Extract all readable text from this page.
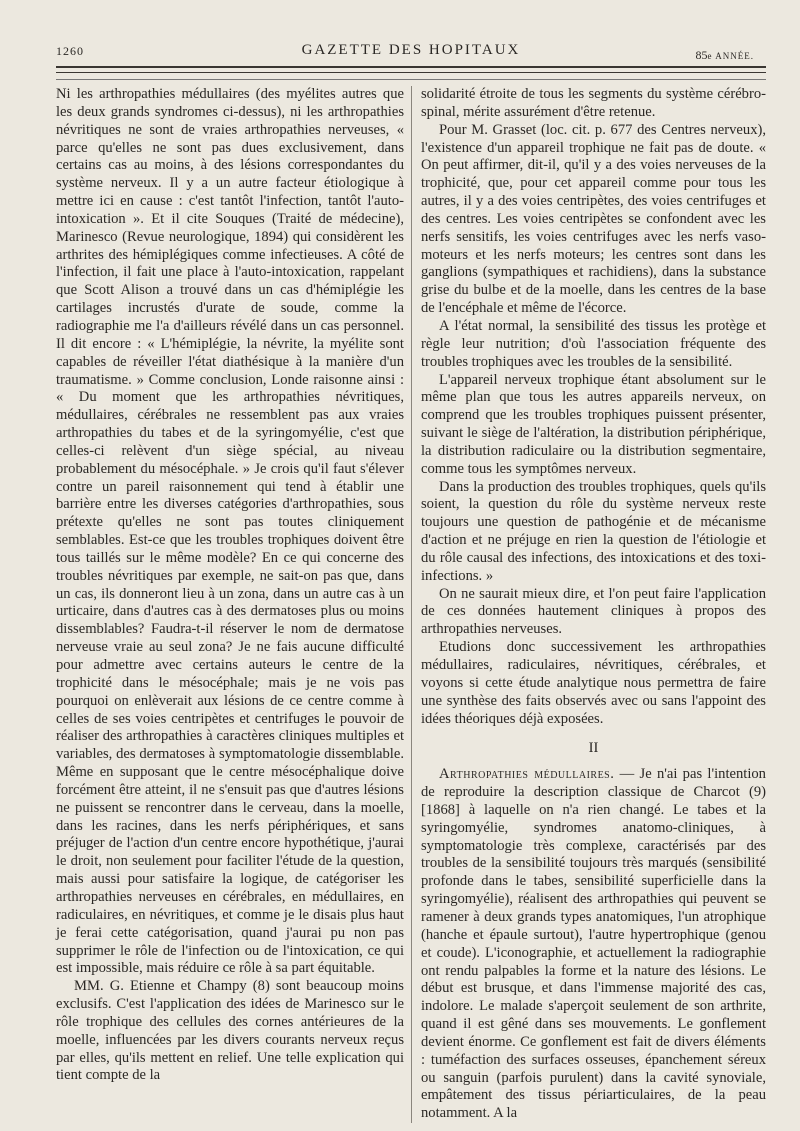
1260	GAZETTE DES HOPITAUX	85e ANNÉE.

Ni les arthropathies médullaires (des myélites autres que les deux grands syndromes ci-dessus), ni les arthropathies névritiques ne sont de vraies arthropathies nerveuses, « parce qu'elles ne sont pas dues exclusivement, dans certains cas au moins, à des lésions correspondantes du système nerveux. Il y a un autre facteur étiologique à mettre ici en cause : c'est tantôt l'infection, tantôt l'auto-intoxication ». Et il cite Souques (Traité de médecine), Marinesco (Revue neurologique, 1894) qui considèrent les arthrites des hémiplégiques comme infectieuses. A côté de l'infection, il fait une place à l'auto-intoxication, rappelant que Scott Alison a trouvé dans un cas d'hémiplégie les cartilages incrustés d'urate de soude, comme la radiographie me l'a d'ailleurs révélé dans un cas personnel. Il dit encore : « L'hémiplégie, la névrite, la myélite sont capables de réveiller l'état diathésique à la manière d'un traumatisme. » Comme conclusion, Londe raisonne ainsi : « Du moment que les arthropathies névritiques, médullaires, cérébrales ne ressemblent pas aux vraies arthropathies du tabes et de la syringomyélie, c'est que celles-ci relèvent d'un siège spécial, au niveau probablement du mésocéphale. » Je crois qu'il faut s'élever contre un pareil raisonnement qui tend à établir une barrière entre les diverses catégories d'arthropathies, sous prétexte qu'elles ne sont pas toutes cliniquement semblables. Est-ce que les troubles trophiques doivent être tous taillés sur le même modèle? En ce qui concerne des troubles névritiques par exemple, ne sait-on pas que, dans un cas, ils donneront lieu à un zona, dans un autre cas à un urticaire, dans d'autres cas à des dermatoses plus ou moins dissemblables? Faudra-t-il réserver le nom de dermatose nerveuse vraie au seul zona? Je ne fais aucune difficulté pour admettre avec certains auteurs le centre de la trophicité dans le mésocéphale; mais je ne vois pas pourquoi on enlèverait aux lésions de ce centre comme à celles de ses voies centripètes et centrifuges le pouvoir de réaliser des arthropathies à caractères cliniques multiples et variables, des dermatoses à symptomatologie dissemblable. Même en supposant que le centre mésocéphalique doive forcément être atteint, il ne s'ensuit pas que d'autres lésions ne puissent se rencontrer dans le cerveau, dans la moelle, dans les racines, dans les nerfs périphériques, et sans préjuger de l'action d'un centre encore hypothétique, j'aurai le droit, non seulement pour faciliter l'étude de la question, mais aussi pour satisfaire la logique, de catégoriser les arthropathies nerveuses en cérébrales, en médullaires, en radiculaires, en névritiques, et comme je le disais plus haut je ferai cette catégorisation, quand j'aurai pu non pas supprimer le rôle de l'infection ou de l'intoxication, ce qui est impossible, mais réduire ce rôle à sa part équitable.

MM. G. Etienne et Champy (8) sont beaucoup moins exclusifs. C'est l'application des idées de Marinesco sur le rôle trophique des cellules des cornes antérieures de la moelle, influencées par les divers courants nerveux reçus par elles, qu'ils mettent en relief. Une telle explication qui tient compte de la

solidarité étroite de tous les segments du système cérébro-spinal, mérite assurément d'être retenue.

Pour M. Grasset (loc. cit. p. 677 des Centres nerveux), l'existence d'un appareil trophique ne fait pas de doute. « On peut affirmer, dit-il, qu'il y a des voies nerveuses de la trophicité, que, pour cet appareil comme pour tous les autres, il y a des voies centripètes, des voies centrifuges et des centres. Les voies centripètes se confondent avec les nerfs sensitifs, les voies centrifuges avec les nerfs vaso-moteurs et les nerfs moteurs; les centres sont dans les ganglions (sympathiques et rachidiens), dans la substance grise du bulbe et de la moelle, dans les centres de la base de l'encéphale et même de l'écorce.

A l'état normal, la sensibilité des tissus les protège et règle leur nutrition; d'où l'association fréquente des troubles trophiques avec les troubles de la sensibilité.

L'appareil nerveux trophique étant absolument sur le même plan que tous les autres appareils nerveux, on comprend que les troubles trophiques puissent présenter, suivant le siège de l'altération, la distribution périphérique, la distribution radiculaire ou la distribution segmentaire, comme tous les symptômes nerveux.

Dans la production des troubles trophiques, quels qu'ils soient, la question du rôle du système nerveux reste toujours une question de pathogénie et de mécanisme d'action et ne préjuge en rien la question de l'étiologie et du rôle causal des infections, des intoxications et des toxi-infections. »

On ne saurait mieux dire, et l'on peut faire l'application de ces données hautement cliniques à propos des arthropathies nerveuses.

Etudions donc successivement les arthropathies médullaires, radiculaires, névritiques, cérébrales, et voyons si cette étude analytique nous permettra de faire une synthèse des faits observés avec ou sans l'appoint des idées théoriques déjà exposées.

II

Arthropathies médullaires. — Je n'ai pas l'intention de reproduire la description classique de Charcot (9) [1868] à laquelle on n'a rien changé. Le tabes et la syringomyélie, syndromes anatomo-cliniques, à symptomatologie très complexe, caractérisés par des troubles de la sensibilité toujours très marqués (sensibilité profonde dans le tabes, sensibilité superficielle dans la syringomyélie), réalisent des arthropathies qui peuvent se ramener à deux grands types anatomiques, l'un atrophique (hanche et épaule surtout), l'autre hypertrophique (genou et coude). L'iconographie, et actuellement la radiographie ont rendu palpables la forme et la nature des lésions. Le début est brusque, et dans l'immense majorité des cas, indolore. Le malade s'aperçoit seulement de son arthrite, quand il est gêné dans ses mouvements. Le gonflement devient énorme. Ce gonflement est fait de divers éléments : tuméfaction des surfaces osseuses, épanchement séreux ou sanguin (parfois purulent) dans la cavité synoviale, empâtement des tissus périarticulaires, de la peau notamment. A la
